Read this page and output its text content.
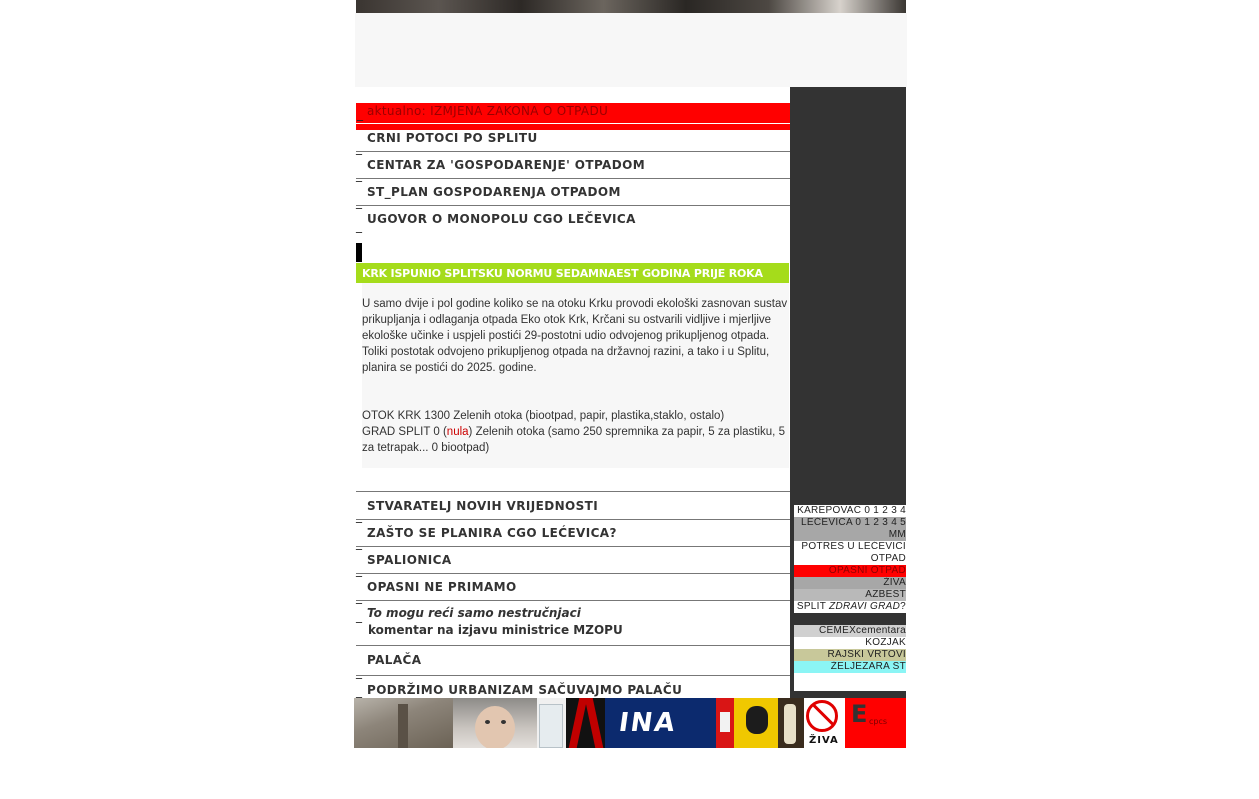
_ aktualno: IZMJENA ZAKONA O OTPADU
_
CRNI POTOCI PO SPLITU
_
CENTAR ZA 'GOSPODARENJE' OTPADOM
_
ST_PLAN GOSPODARENJA OTPADOM
_ UGOVOR O MONOPOLU CGO LEČEVICA
KRK ISPUNIO SPLITSKU NORMU SEDAMNAEST GODINA PRIJE ROKA

U samo dvije i pol godine koliko se na otoku Krku provodi ekološki zasnovan sustav prikupljanja i odlaganja otpada Eko otok Krk, Krčani su ostvarili vidljive i mjerljive ekološke učinke i uspjeli postići 29-postotni udio odvojenog prikupljenog otpada. Toliki postotak odvojeno prikupljenog otpada na državnoj razini, a tako i u Splitu, planira se postići do 2025. godine.

OTOK KRK 1300 Zelenih otoka (biootpad, papir, plastika,staklo, ostalo)
GRAD SPLIT 0 (nula) Zelenih otoka (samo 250 spremnika za papir, 5 za plastiku, 5 za tetrapak... 0 biootpad)

_
STVARATELJ NOVIH VRIJEDNOSTI
_
ZAŠTO SE PLANIRA CGO LEĆEVICA?
_
SPALIONICA
_
OPASNI NE PRIMAMO
_ To mogu reći samo nestručnjaci
komentar na izjavu ministrice MZOPU
_
PALAČA
_ PODRŽIMO URBANIZAM SAČUVAJMO PALAČU
KAREPOVAC 0 1 2 3 4
LEĆEVICA 0 1 2 3 4 5
MM
POTRES U LEĆEVICI
OTPAD
OPASNI OTPAD
ŽIVA
AZBEST
SPLIT ZDRAVI GRAD?
CEMEXcementara
KOZJAK
RAJSKI VRTOVI
ŽELJEZARA ST
INA
ŽIVA
E cpcs
